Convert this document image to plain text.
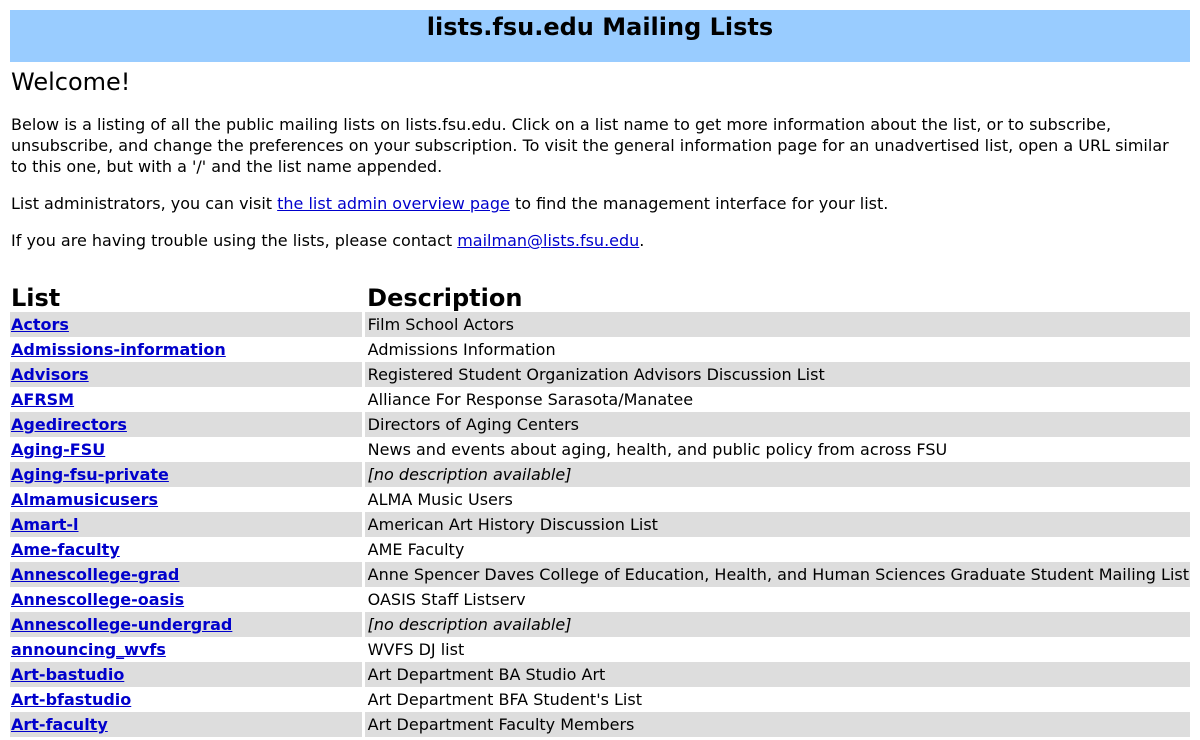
lists.fsu.edu Mailing Lists
Welcome!

Below is a listing of all the public mailing lists on lists.fsu.edu. Click on a list name to get more information about the list, or to subscribe, unsubscribe, and change the preferences on your subscription. To visit the general information page for an unadvertised list, open a URL similar to this one, but with a '/' and the list name appended.

List administrators, you can visit the list admin overview page to find the management interface for your list.

If you are having trouble using the lists, please contact mailman@lists.fsu.edu.

List	Description
Actors	Film School Actors
Admissions-information	Admissions Information
Advisors	Registered Student Organization Advisors Discussion List
AFRSM	Alliance For Response Sarasota/Manatee
Agedirectors	Directors of Aging Centers
Aging-FSU	News and events about aging, health, and public policy from across FSU
Aging-fsu-private	[no description available]
Almamusicusers	ALMA Music Users
Amart-l	American Art History Discussion List
Ame-faculty	AME Faculty
Annescollege-grad	Anne Spencer Daves College of Education, Health, and Human Sciences Graduate Student Mailing List
Annescollege-oasis	OASIS Staff Listserv
Annescollege-undergrad	[no description available]
announcing_wvfs	WVFS DJ list
Art-bastudio	Art Department BA Studio Art
Art-bfastudio	Art Department BFA Student's List
Art-faculty	Art Department Faculty Members
